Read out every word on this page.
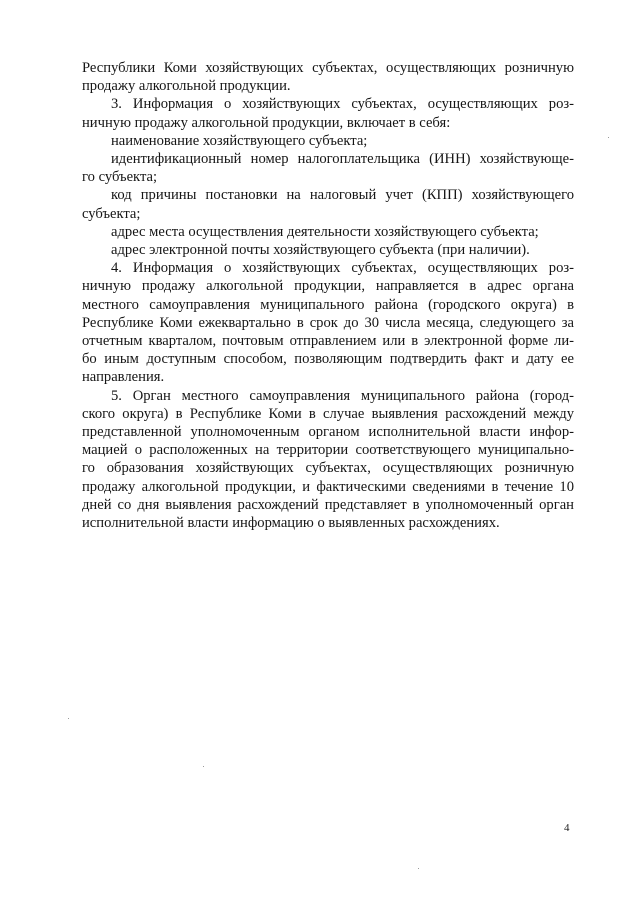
Республики Коми хозяйствующих субъектах, осуществляющих розничную
продажу алкогольной продукции.
3. Информация о хозяйствующих субъектах, осуществляющих роз-
ничную продажу алкогольной продукции, включает в себя:
наименование хозяйствующего субъекта;
идентификационный номер налогоплательщика (ИНН) хозяйствующе-
го субъекта;
код причины постановки на налоговый учет (КПП) хозяйствующего
субъекта;
адрес места осуществления деятельности хозяйствующего субъекта;
адрес электронной почты хозяйствующего субъекта (при наличии).
4. Информация о хозяйствующих субъектах, осуществляющих роз-
ничную продажу алкогольной продукции, направляется в адрес органа
местного самоуправления муниципального района (городского округа) в
Республике Коми ежеквартально в срок до 30 числа месяца, следующего за
отчетным кварталом, почтовым отправлением или в электронной форме ли-
бо иным доступным способом, позволяющим подтвердить факт и дату ее
направления.
5. Орган местного самоуправления муниципального района (город-
ского округа) в Республике Коми в случае выявления расхождений между
представленной уполномоченным органом исполнительной власти инфор-
мацией о расположенных на территории соответствующего муниципально-
го образования хозяйствующих субъектах, осуществляющих розничную
продажу алкогольной продукции, и фактическими сведениями в течение 10
дней со дня выявления расхождений представляет в уполномоченный орган
исполнительной власти информацию о выявленных расхождениях.
4
